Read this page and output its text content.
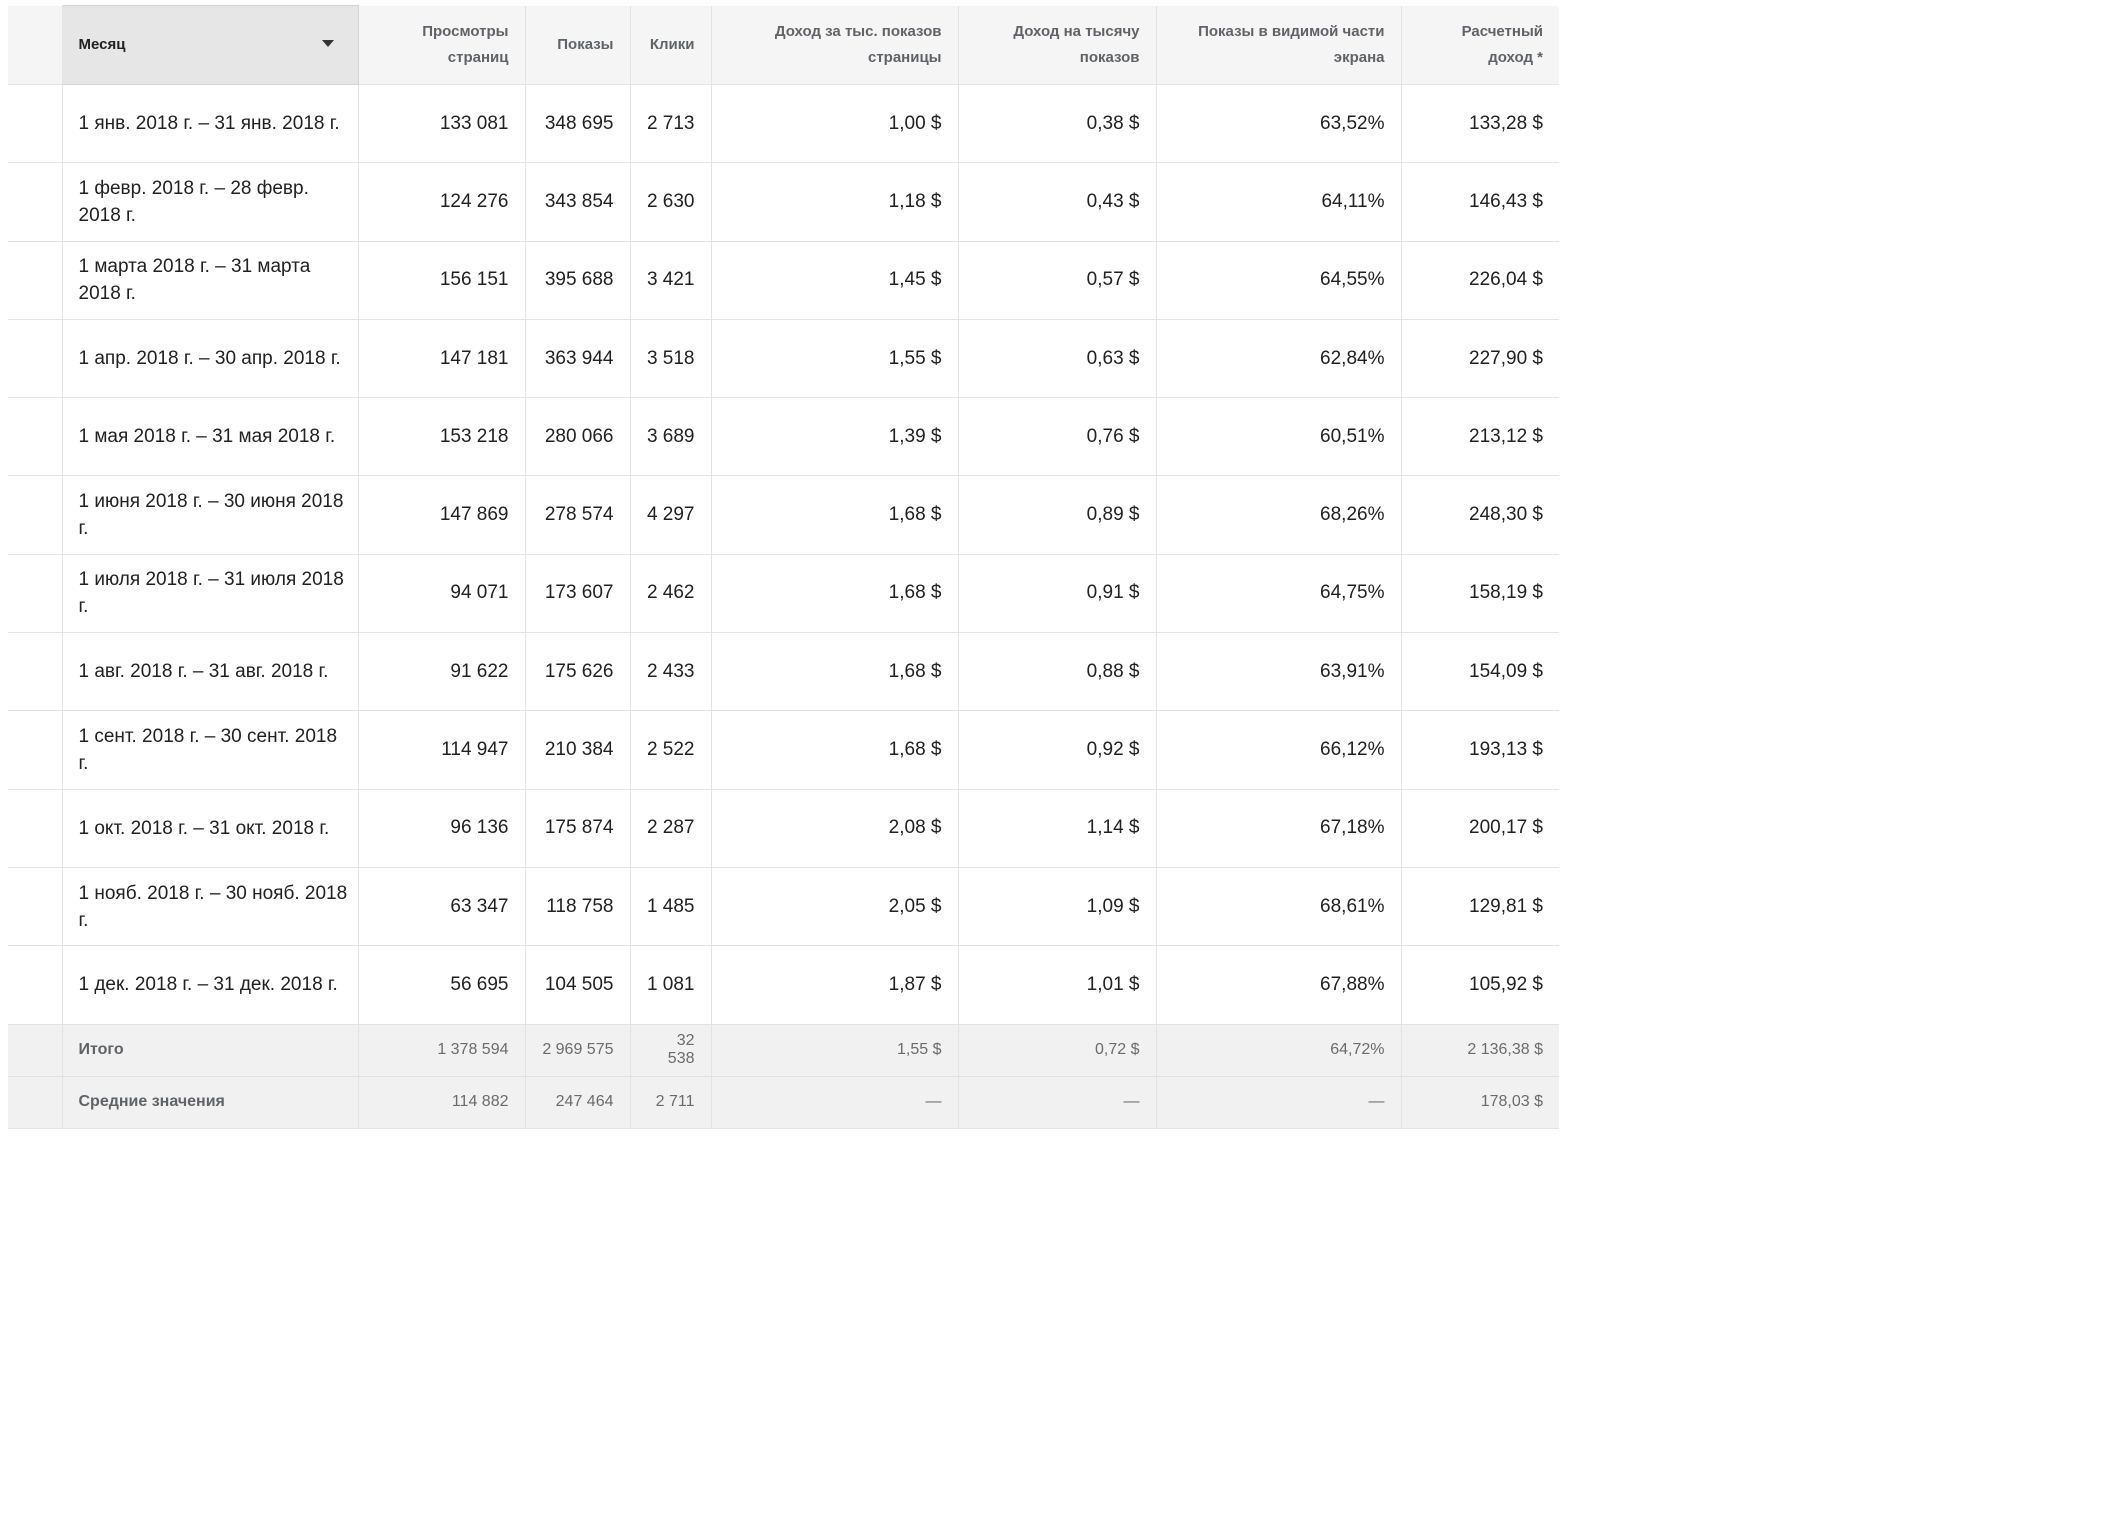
	Месяц	Просмотры страниц	Показы	Клики	Доход за тыс. показов страницы	Доход на тысячу показов	Показы в видимой части экрана	Расчетный доход *
	1 янв. 2018 г. – 31 янв. 2018 г.	133 081	348 695	2 713	1,00 $	0,38 $	63,52%	133,28 $
	1 февр. 2018 г. – 28 февр. 2018 г.	124 276	343 854	2 630	1,18 $	0,43 $	64,11%	146,43 $
	1 марта 2018 г. – 31 марта 2018 г.	156 151	395 688	3 421	1,45 $	0,57 $	64,55%	226,04 $
	1 апр. 2018 г. – 30 апр. 2018 г.	147 181	363 944	3 518	1,55 $	0,63 $	62,84%	227,90 $
	1 мая 2018 г. – 31 мая 2018 г.	153 218	280 066	3 689	1,39 $	0,76 $	60,51%	213,12 $
	1 июня 2018 г. – 30 июня 2018 г.	147 869	278 574	4 297	1,68 $	0,89 $	68,26%	248,30 $
	1 июля 2018 г. – 31 июля 2018 г.	94 071	173 607	2 462	1,68 $	0,91 $	64,75%	158,19 $
	1 авг. 2018 г. – 31 авг. 2018 г.	91 622	175 626	2 433	1,68 $	0,88 $	63,91%	154,09 $
	1 сент. 2018 г. – 30 сент. 2018 г.	114 947	210 384	2 522	1,68 $	0,92 $	66,12%	193,13 $
	1 окт. 2018 г. – 31 окт. 2018 г.	96 136	175 874	2 287	2,08 $	1,14 $	67,18%	200,17 $
	1 нояб. 2018 г. – 30 нояб. 2018 г.	63 347	118 758	1 485	2,05 $	1,09 $	68,61%	129,81 $
	1 дек. 2018 г. – 31 дек. 2018 г.	56 695	104 505	1 081	1,87 $	1,01 $	67,88%	105,92 $
	Итого	1 378 594	2 969 575	32 538	1,55 $	0,72 $	64,72%	2 136,38 $
	Средние значения	114 882	247 464	2 711	—	—	—	178,03 $
